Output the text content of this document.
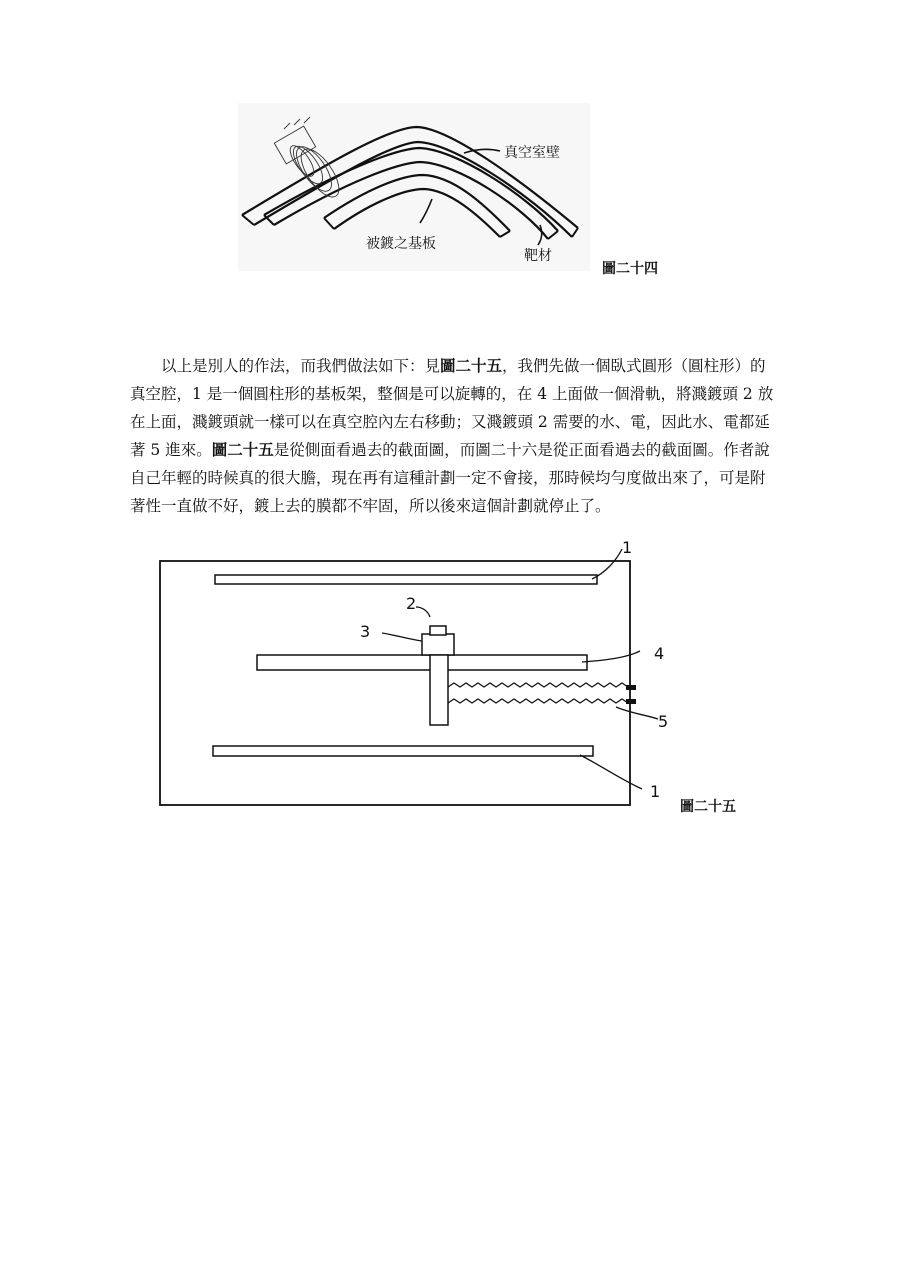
真空室壁
被鍍之基板
靶材
圖二十四

以上是別人的作法，而我們做法如下：見圖二十五，我們先做一個臥式圓形（圓柱形）的真空腔，1 是一個圓柱形的基板架，整個是可以旋轉的，在 4 上面做一個滑軌，將濺鍍頭 2 放在上面，濺鍍頭就一樣可以在真空腔內左右移動；又濺鍍頭 2 需要的水、電，因此水、電都延著 5 進來。圖二十五是從側面看過去的截面圖，而圖二十六是從正面看過去的截面圖。作者說自己年輕的時候真的很大膽，現在再有這種計劃一定不會接，那時候均勻度做出來了，可是附著性一直做不好，鍍上去的膜都不牢固，所以後來這個計劃就停止了。

1
2
3
4
5
1
圖二十五
